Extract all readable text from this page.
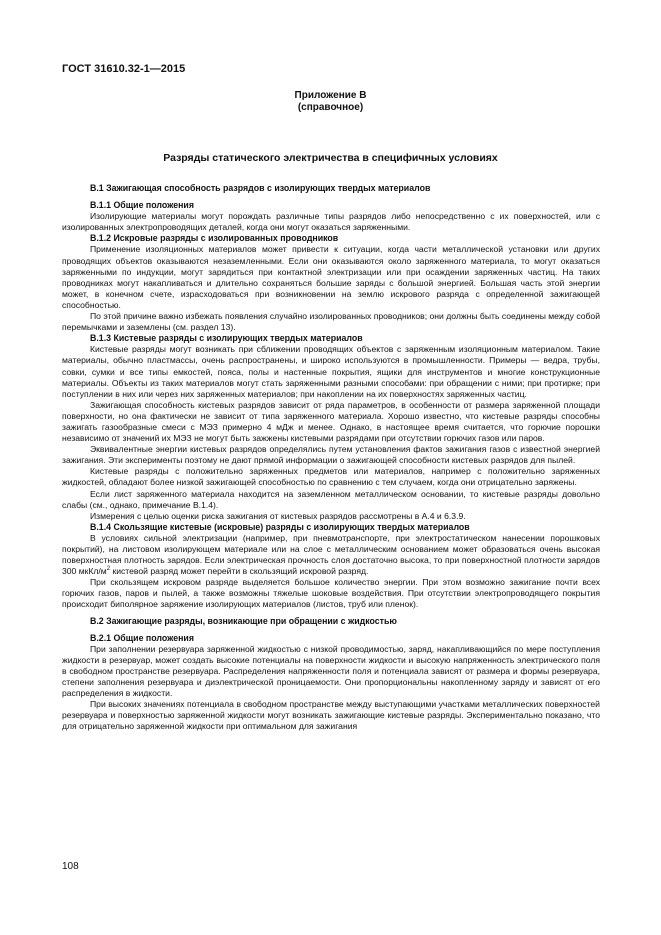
ГОСТ 31610.32-1—2015
Приложение В
(справочное)
Разряды статического электричества в специфичных условиях
В.1 Зажигающая способность разрядов с изолирующих твердых материалов
В.1.1 Общие положения

Изолирующие материалы могут порождать различные типы разрядов либо непосредственно с их поверхностей, или с изолированных электропроводящих деталей, когда они могут оказаться заряженными.

В.1.2 Искровые разряды с изолированных проводников

Применение изоляционных материалов может привести к ситуации, когда части металлической установки или других проводящих объектов оказываются незаземленными. Если они оказываются около заряженного материала, то могут оказаться заряженными по индукции, могут зарядиться при контактной электризации или при осаждении заряженных частиц. На таких проводниках могут накапливаться и длительно сохраняться большие заряды с большой энергией. Большая часть этой энергии может, в конечном счете, израсходоваться при возникновении на землю искрового разряда с определенной зажигающей способностью.

По этой причине важно избежать появления случайно изолированных проводников; они должны быть соединены между собой перемычками и заземлены (см. раздел 13).

В.1.3 Кистевые разряды с изолирующих твердых материалов

Кистевые разряды могут возникать при сближении проводящих объектов с заряженным изоляционным материалом. Такие материалы, обычно пластмассы, очень распространены, и широко используются в промышленности. Примеры — ведра, трубы, совки, сумки и все типы емкостей, пояса, полы и настенные покрытия, ящики для инструментов и многие конструкционные материалы. Объекты из таких материалов могут стать заряженными разными способами: при обращении с ними; при протирке; при поступлении в них или через них заряженных материалов; при накоплении на их поверхностях заряженных частиц.

Зажигающая способность кистевых разрядов зависит от ряда параметров, в особенности от размера заряженной площади поверхности, но она фактически не зависит от типа заряженного материала. Хорошо известно, что кистевые разряды способны зажигать газообразные смеси с МЭЗ примерно 4 мДж и менее. Однако, в настоящее время считается, что горючие порошки независимо от значений их МЭЗ не могут быть зажжены кистевыми разрядами при отсутствии горючих газов или паров.

Эквивалентные энергии кистевых разрядов определялись путем установления фактов зажигания газов с известной энергией зажигания. Эти эксперименты поэтому не дают прямой информации о зажигающей способности кистевых разрядов для пылей.

Кистевые разряды с положительно заряженных предметов или материалов, например с положительно заряженных жидкостей, обладают более низкой зажигающей способностью по сравнению с тем случаем, когда они отрицательно заряжены.

Если лист заряженного материала находится на заземленном металлическом основании, то кистевые разряды довольно слабы (см., однако, примечание В.1.4).

Измерения с целью оценки риска зажигания от кистевых разрядов рассмотрены в А.4 и 6.3.9.

В.1.4 Скользящие кистевые (искровые) разряды с изолирующих твердых материалов

В условиях сильной электризации (например, при пневмотранспорте, при электростатическом нанесении порошковых покрытий), на листовом изолирующем материале или на слое с металлическим основанием может образоваться очень высокая поверхностная плотность зарядов. Если электрическая прочность слоя достаточно высока, то при поверхностной плотности зарядов 300 мкКл/$м^2$ кистевой разряд может перейти в скользящий искровой разряд.

При скользящем искровом разряде выделяется большое количество энергии. При этом возможно зажигание почти всех горючих газов, паров и пылей, а также возможны тяжелые шоковые воздействия. При отсутствии электропроводящего покрытия происходит биполярное заряжение изолирующих материалов (листов, труб или пленок).

В.2 Зажигающие разряды, возникающие при обращении с жидкостью
В.2.1 Общие положения

При заполнении резервуара заряженной жидкостью с низкой проводимостью, заряд, накапливающийся по мере поступления жидкости в резервуар, может создать высокие потенциалы на поверхности жидкости и высокую напряженность электрического поля в свободном пространстве резервуара. Распределения напряженности поля и потенциала зависят от размера и формы резервуара, степени заполнения резервуара и диэлектрической проницаемости. Они пропорциональны накопленному заряду и зависят от его распределения в жидкости.

При высоких значениях потенциала в свободном пространстве между выступающими участками металлических поверхностей резервуара и поверхностью заряженной жидкости могут возникать зажигающие кистевые разряды. Экспериментально показано, что для отрицательно заряженной жидкости при оптимальном для зажигания

108
